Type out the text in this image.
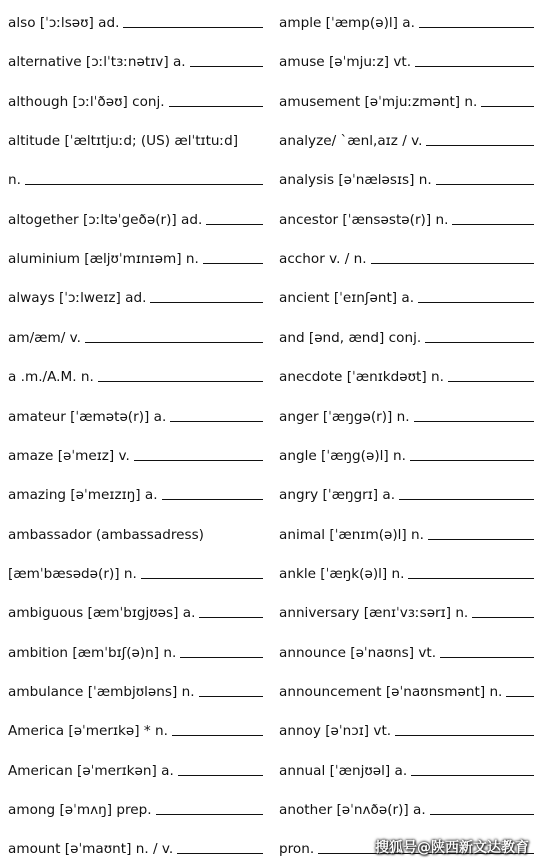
also [ˈɔːlsəʊ] ad.
alternative [ɔːlˈtɜːnətɪv] a.
although [ɔːlˈðəʊ] conj.
altitude [ˈæltɪtjuːd; (US) ælˈtɪtuːd]
n.
altogether [ɔːltəˈgeðə(r)] ad.
aluminium [æljʊˈmɪnɪəm] n.
always [ˈɔːlweɪz] ad.
am/æm/ v.
a .m./A.M. n.
amateur [ˈæmətə(r)] a.
amaze [əˈmeɪz] v.
amazing [əˈmeɪzɪŋ] a.
ambassador (ambassadress)
[æmˈbæsədə(r)] n.
ambiguous [æmˈbɪgjʊəs] a.
ambition [æmˈbɪʃ(ə)n] n.
ambulance [ˈæmbjʊləns] n.
America [əˈmerɪkə] * n.
American [əˈmerɪkən] a.
among [əˈmʌŋ] prep.
amount [əˈmaʊnt] n. / v.
ample [ˈæmp(ə)l] a.
amuse [əˈmjuːz] vt.
amusement [əˈmjuːzmənt] n.
analyze/ `ænl,aɪz / v.
analysis [əˈnæləsɪs] n.
ancestor [ˈænsəstə(r)] n.
acchor v. / n.
ancient [ˈeɪnʃənt] a.
and [ənd, ænd] conj.
anecdote [ˈænɪkdəʊt] n.
anger [ˈæŋgə(r)] n.
angle [ˈæŋg(ə)l] n.
angry [ˈæŋgrɪ] a.
animal [ˈænɪm(ə)l] n.
ankle [ˈæŋk(ə)l] n.
anniversary [ænɪˈvɜːsərɪ] n.
announce [əˈnaʊns] vt.
announcement [əˈnaʊnsmənt] n.
annoy [əˈnɔɪ] vt.
annual [ˈænjʊəl] a.
another [əˈnʌðə(r)] a.
pron.	搜狐号@陕西新文达教育
